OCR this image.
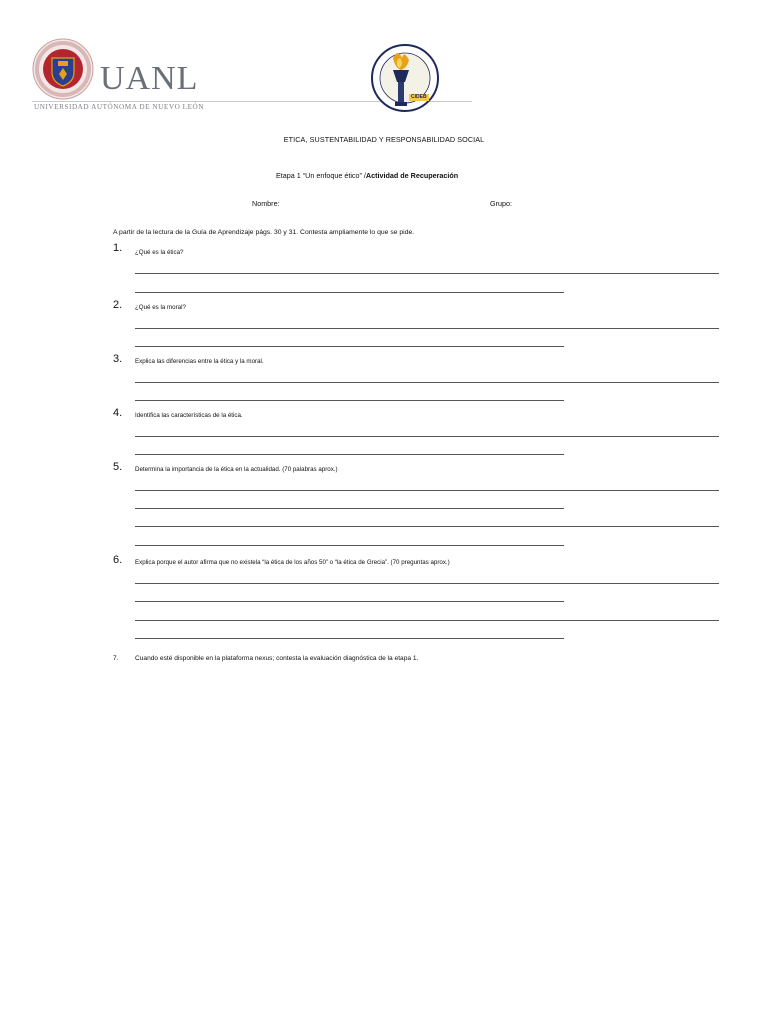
UANL
UNIVERSIDAD AUTÓNOMA DE NUEVO LEÓN
CIDEB
ETICA, SUSTENTABILIDAD Y RESPONSABILIDAD SOCIAL
Etapa 1 “Un enfoque ético” /Actividad de Recuperación
Nombre:	Grupo:
A partir de la lectura de la Guía de Aprendizaje págs. 30 y 31. Contesta ampliamente lo que se pide.
1. ¿Qué es la ética?
2. ¿Qué es la moral?
3. Explica las diferencias entre la ética y la moral.
4. Identifica las características de la ética.
5. Determina la importancia de la ética en la actualidad. (70 palabras aprox.)
6. Explica porque el autor afirma que no existela “la ética de los años 50” o “la ética de Grecia”. (70 preguntas aprox.)
7.	Cuando esté disponible en la plataforma nexus; contesta la evaluación diagnóstica de la etapa 1.
